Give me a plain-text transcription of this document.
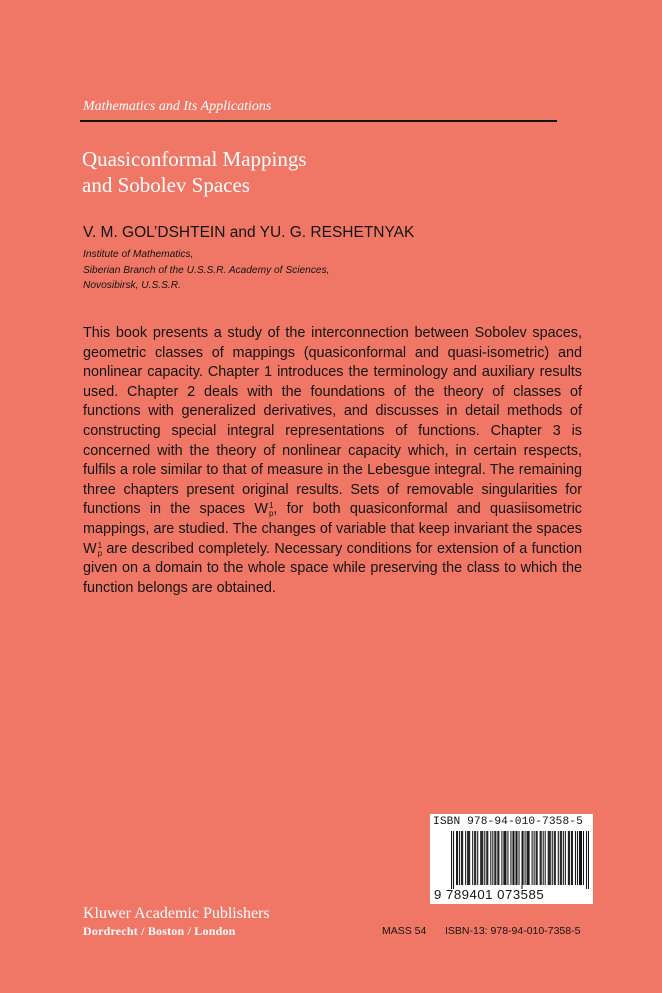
Mathematics and Its Applications
Quasiconformal Mappings
and Sobolev Spaces
V. M. GOL’DSHTEIN and YU. G. RESHETNYAK
Institute of Mathematics,
Siberian Branch of the U.S.S.R. Academy of Sciences,
Novosibirsk, U.S.S.R.

This book presents a study of the interconnection between Sobolev spaces, geometric classes of mappings (quasiconformal and quasi-isometric) and nonlinear capacity. Chapter 1 introduces the terminology and auxiliary results used. Chapter 2 deals with the foundations of the theory of classes of functions with generalized derivatives, and discusses in detail methods of constructing special integral representations of functions. Chapter 3 is concerned with the theory of nonlinear capacity which, in certain respects, fulfils a role similar to that of measure in the Lebesgue integral. The remaining three chapters present original results. Sets of removable singularities for functions in the spaces W 1
p , for both quasiconformal and quasiisometric mappings, are studied. The changes of variable that keep invariant the spaces W 1
p are described completely. Necessary conditions for extension of a function given on a domain to the whole space while preserving the class to which the function belongs are obtained.

ISBN 978-94-010-7358-5
9 789401 073585
Kluwer Academic Publishers
Dordrecht / Boston / London	MASS 54 ISBN-13: 978-94-010-7358-5
